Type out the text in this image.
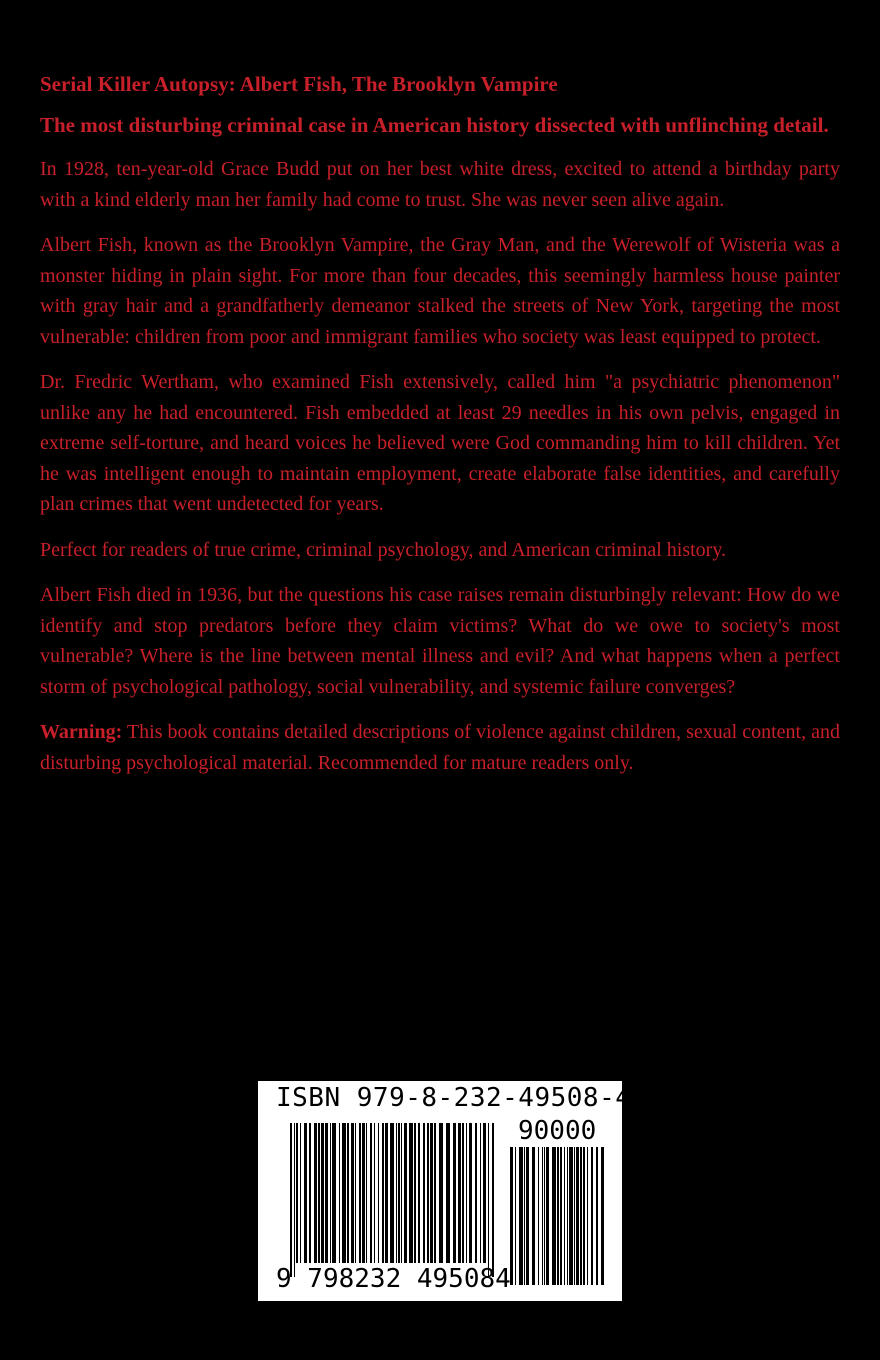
Serial Killer Autopsy: Albert Fish, The Brooklyn Vampire

The most disturbing criminal case in American history dissected with unflinching detail.

In 1928, ten-year-old Grace Budd put on her best white dress, excited to attend a birthday party with a kind elderly man her family had come to trust. She was never seen alive again.

Albert Fish, known as the Brooklyn Vampire, the Gray Man, and the Werewolf of Wisteria was a monster hiding in plain sight. For more than four decades, this seemingly harmless house painter with gray hair and a grandfatherly demeanor stalked the streets of New York, targeting the most vulnerable: children from poor and immigrant families who society was least equipped to protect.

Dr. Fredric Wertham, who examined Fish extensively, called him "a psychiatric phenomenon" unlike any he had encountered. Fish embedded at least 29 needles in his own pelvis, engaged in extreme self-torture, and heard voices he believed were God commanding him to kill children. Yet he was intelligent enough to maintain employment, create elaborate false identities, and carefully plan crimes that went undetected for years.

Perfect for readers of true crime, criminal psychology, and American criminal history.

Albert Fish died in 1936, but the questions his case raises remain disturbingly relevant: How do we identify and stop predators before they claim victims? What do we owe to society's most vulnerable? Where is the line between mental illness and evil? And what happens when a perfect storm of psychological pathology, social vulnerability, and systemic failure converges?

Warning: This book contains detailed descriptions of violence against children, sexual content, and disturbing psychological material. Recommended for mature readers only.

ISBN 979-8-232-49508-4
90000
9 798232 495084
